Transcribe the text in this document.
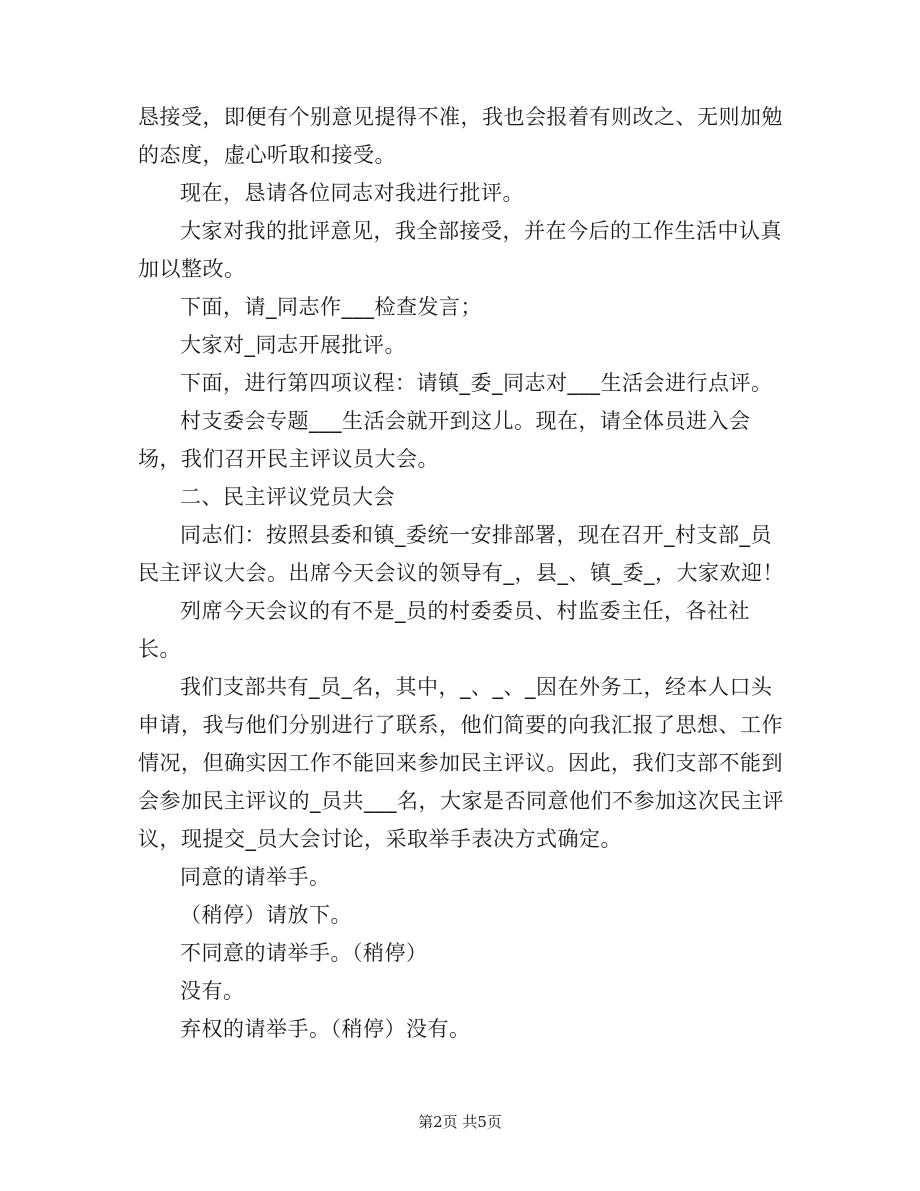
恳接受，即便有个别意见提得不准，我也会报着有则改之、无则加勉的态度，虚心听取和接受。

现在，恳请各位同志对我进行批评。

大家对我的批评意见，我全部接受，并在今后的工作生活中认真加以整改。

下面，请_同志作___检查发言；

大家对_同志开展批评。

下面，进行第四项议程：请镇_委_同志对___生活会进行点评。

村支委会专题___生活会就开到这儿。现在，请全体员进入会场，我们召开民主评议员大会。

二、民主评议党员大会

同志们：按照县委和镇_委统一安排部署，现在召开_村支部_员民主评议大会。出席今天会议的领导有_，县_、镇_委_，大家欢迎！

列席今天会议的有不是_员的村委委员、村监委主任，各社社长。

我们支部共有_员_名，其中，_、_、_因在外务工，经本人口头申请，我与他们分别进行了联系，他们简要的向我汇报了思想、工作情况，但确实因工作不能回来参加民主评议。因此，我们支部不能到会参加民主评议的_员共___名，大家是否同意他们不参加这次民主评议，现提交_员大会讨论，采取举手表决方式确定。

同意的请举手。

（稍停）请放下。

不同意的请举手。（稍停）

没有。

弃权的请举手。（稍停）没有。

第2页 共5页
